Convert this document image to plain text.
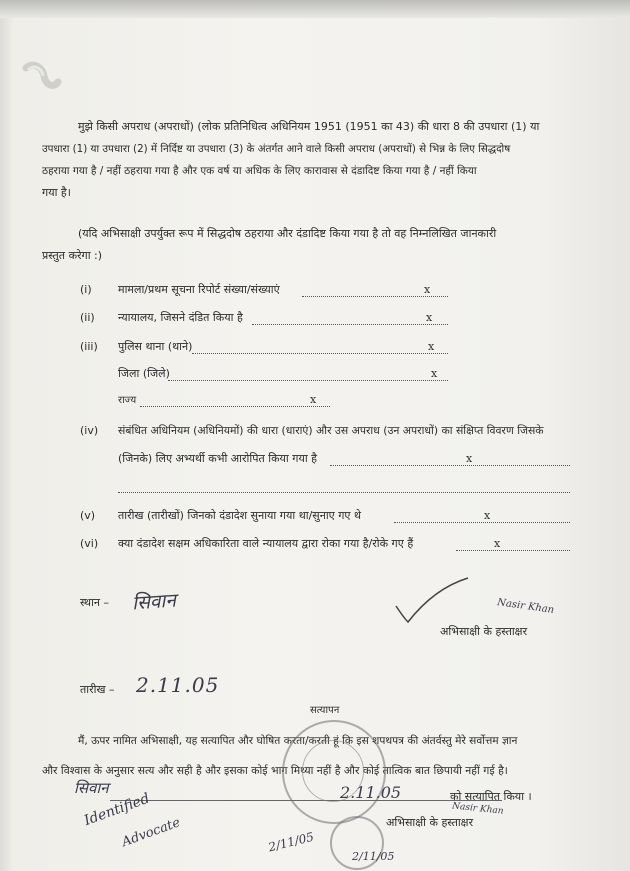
मुझे किसी अपराध (अपराधों) (लोक प्रतिनिधित्व अधिनियम 1951 (1951 का 43) की धारा 8 की उपधारा (1) या
उपधारा (1) या उपधारा (2) में निर्दिष्ट या उपधारा (3) के अंतर्गत आने वाले किसी अपराध (अपराधों) से भिन्न के लिए सिद्धदोष
ठहराया गया है / नहीं ठहराया गया है और एक वर्ष या अधिक के लिए कारावास से दंडादिष्ट किया गया है / नहीं किया
गया है।
(यदि अभिसाक्षी उपर्युक्त रूप में सिद्धदोष ठहराया और दंडादिष्ट किया गया है तो वह निम्नलिखित जानकारी
प्रस्तुत करेगा :)
(i) मामला/प्रथम सूचना रिपोर्ट संख्या/संख्याएं	x
(ii) न्यायालय, जिसने दंडित किया है	x
(iii) पुलिस थाना (थाने)	x
जिला (जिले)	x
राज्य	x
(iv) संबंधित अधिनियम (अधिनियमों) की धारा (धाराएं) और उस अपराध (उन अपराधों) का संक्षिप्त विवरण जिसके
(जिनके) लिए अभ्यर्थी कभी आरोपित किया गया है	x
(v) तारीख (तारीखों) जिनको दंडादेश सुनाया गया था/सुनाए गए थे	x
(vi) क्या दंडादेश सक्षम अधिकारिता वाले न्यायालय द्वारा रोका गया है/रोके गए हैं	x
स्थान – सिवान	Nasir Khan
अभिसाक्षी के हस्ताक्षर
तारीख – 2.11.05
सत्यापन
मैं, ऊपर नामित अभिसाक्षी, यह सत्यापित और घोषित करता/करती हूं कि इस शपथपत्र की अंतर्वस्तु मेरे सर्वोत्तम ज्ञान
और विश्वास के अनुसार सत्य और सही है और इसका कोई भाग मिथ्या नहीं है और कोई तात्विक बात छिपायी नहीं गई है।
सिवान	2.11.05	को सत्यापित किया ।
Nasir Khan
अभिसाक्षी के हस्ताक्षर
Identified
Advocate	2/11/05
2/11/05
